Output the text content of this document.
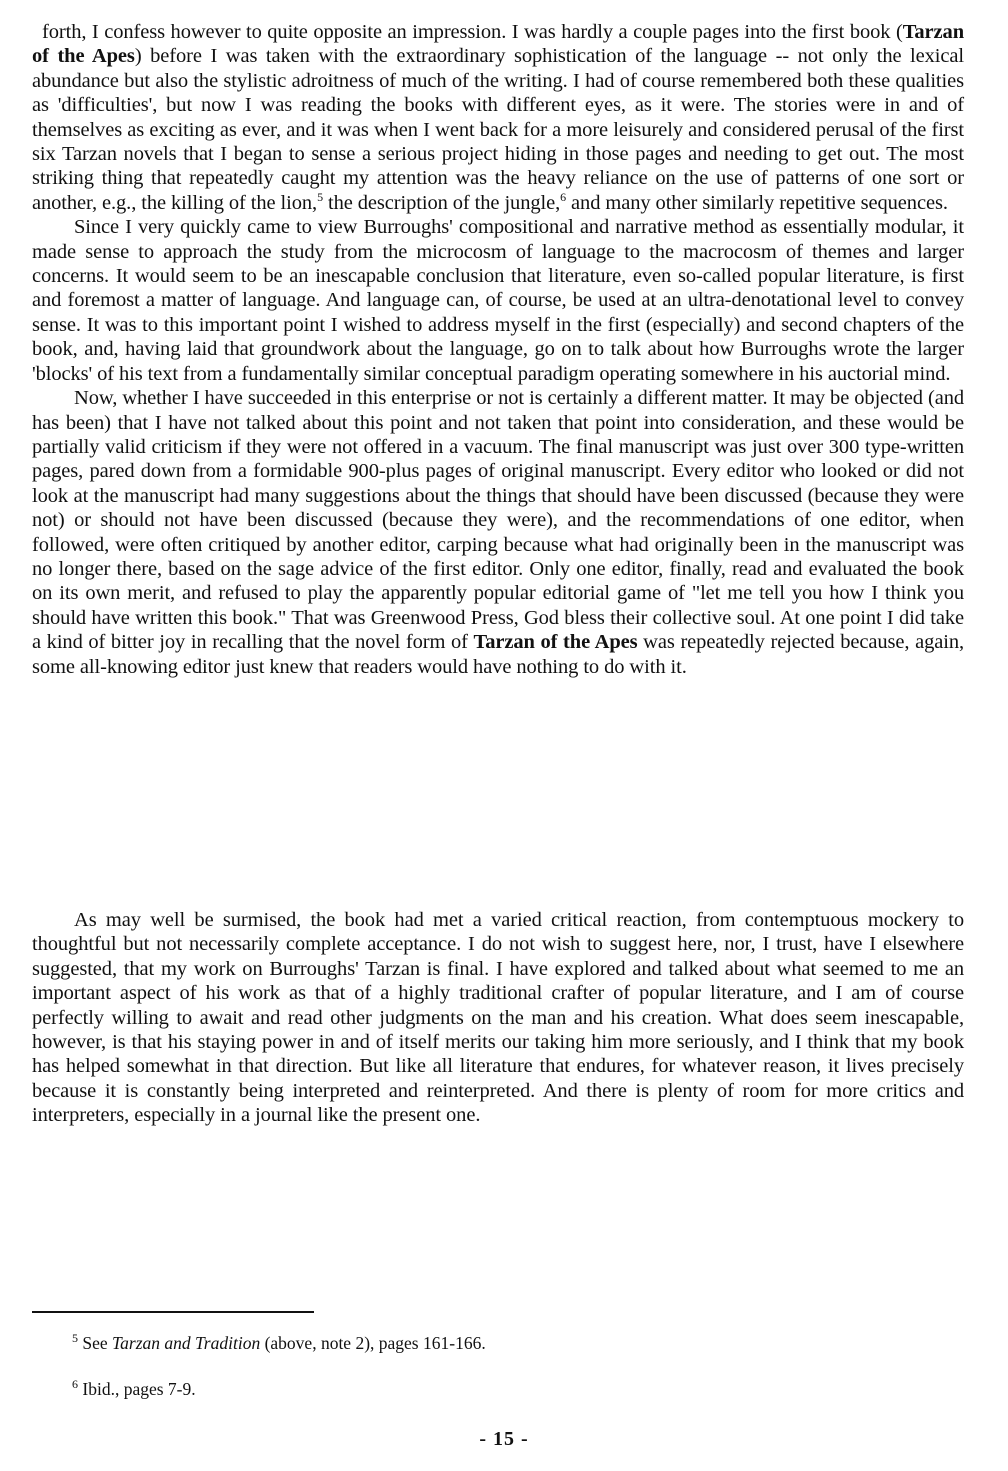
forth, I confess however to quite opposite an impression. I was hardly a couple pages into the first book (Tarzan of the Apes) before I was taken with the extraordinary sophistication of the language -- not only the lexical abundance but also the stylistic adroitness of much of the writing. I had of course remembered both these qualities as 'difficulties', but now I was reading the books with different eyes, as it were. The stories were in and of themselves as exciting as ever, and it was when I went back for a more leisurely and considered perusal of the first six Tarzan novels that I began to sense a serious project hiding in those pages and needing to get out. The most striking thing that repeatedly caught my attention was the heavy reliance on the use of patterns of one sort or another, e.g., the killing of the lion,$^5$ the description of the jungle,$^6$ and many other similarly repetitive sequences.

Since I very quickly came to view Burroughs' compositional and narrative method as essentially modular, it made sense to approach the study from the microcosm of language to the macrocosm of themes and larger concerns. It would seem to be an inescapable conclusion that literature, even so-called popular literature, is first and foremost a matter of language. And language can, of course, be used at an ultra-denotational level to convey sense. It was to this important point I wished to address myself in the first (especially) and second chapters of the book, and, having laid that groundwork about the language, go on to talk about how Burroughs wrote the larger 'blocks' of his text from a fundamentally similar conceptual paradigm operating somewhere in his auctorial mind.

Now, whether I have succeeded in this enterprise or not is certainly a different matter. It may be objected (and has been) that I have not talked about this point and not taken that point into consideration, and these would be partially valid criticism if they were not offered in a vacuum. The final manuscript was just over 300 type-written pages, pared down from a formidable 900-plus pages of original manuscript. Every editor who looked or did not look at the manuscript had many suggestions about the things that should have been discussed (because they were not) or should not have been discussed (because they were), and the recommendations of one editor, when followed, were often critiqued by another editor, carping because what had originally been in the manuscript was no longer there, based on the sage advice of the first editor. Only one editor, finally, read and evaluated the book on its own merit, and refused to play the apparently popular editorial game of "let me tell you how I think you should have written this book." That was Greenwood Press, God bless their collective soul. At one point I did take a kind of bitter joy in recalling that the novel form of Tarzan of the Apes was repeatedly rejected because, again, some all-knowing editor just knew that readers would have nothing to do with it.

As may well be surmised, the book had met a varied critical reaction, from contemptuous mockery to thoughtful but not necessarily complete acceptance. I do not wish to suggest here, nor, I trust, have I elsewhere suggested, that my work on Burroughs' Tarzan is final. I have explored and talked about what seemed to me an important aspect of his work as that of a highly traditional crafter of popular literature, and I am of course perfectly willing to await and read other judgments on the man and his creation. What does seem inescapable, however, is that his staying power in and of itself merits our taking him more seriously, and I think that my book has helped somewhat in that direction. But like all literature that endures, for whatever reason, it lives precisely because it is constantly being interpreted and reinterpreted. And there is plenty of room for more critics and interpreters, especially in a journal like the present one.

$^5$ See Tarzan and Tradition (above, note 2), pages 161-166.
$^6$ Ibid., pages 7-9.
- 15 -
